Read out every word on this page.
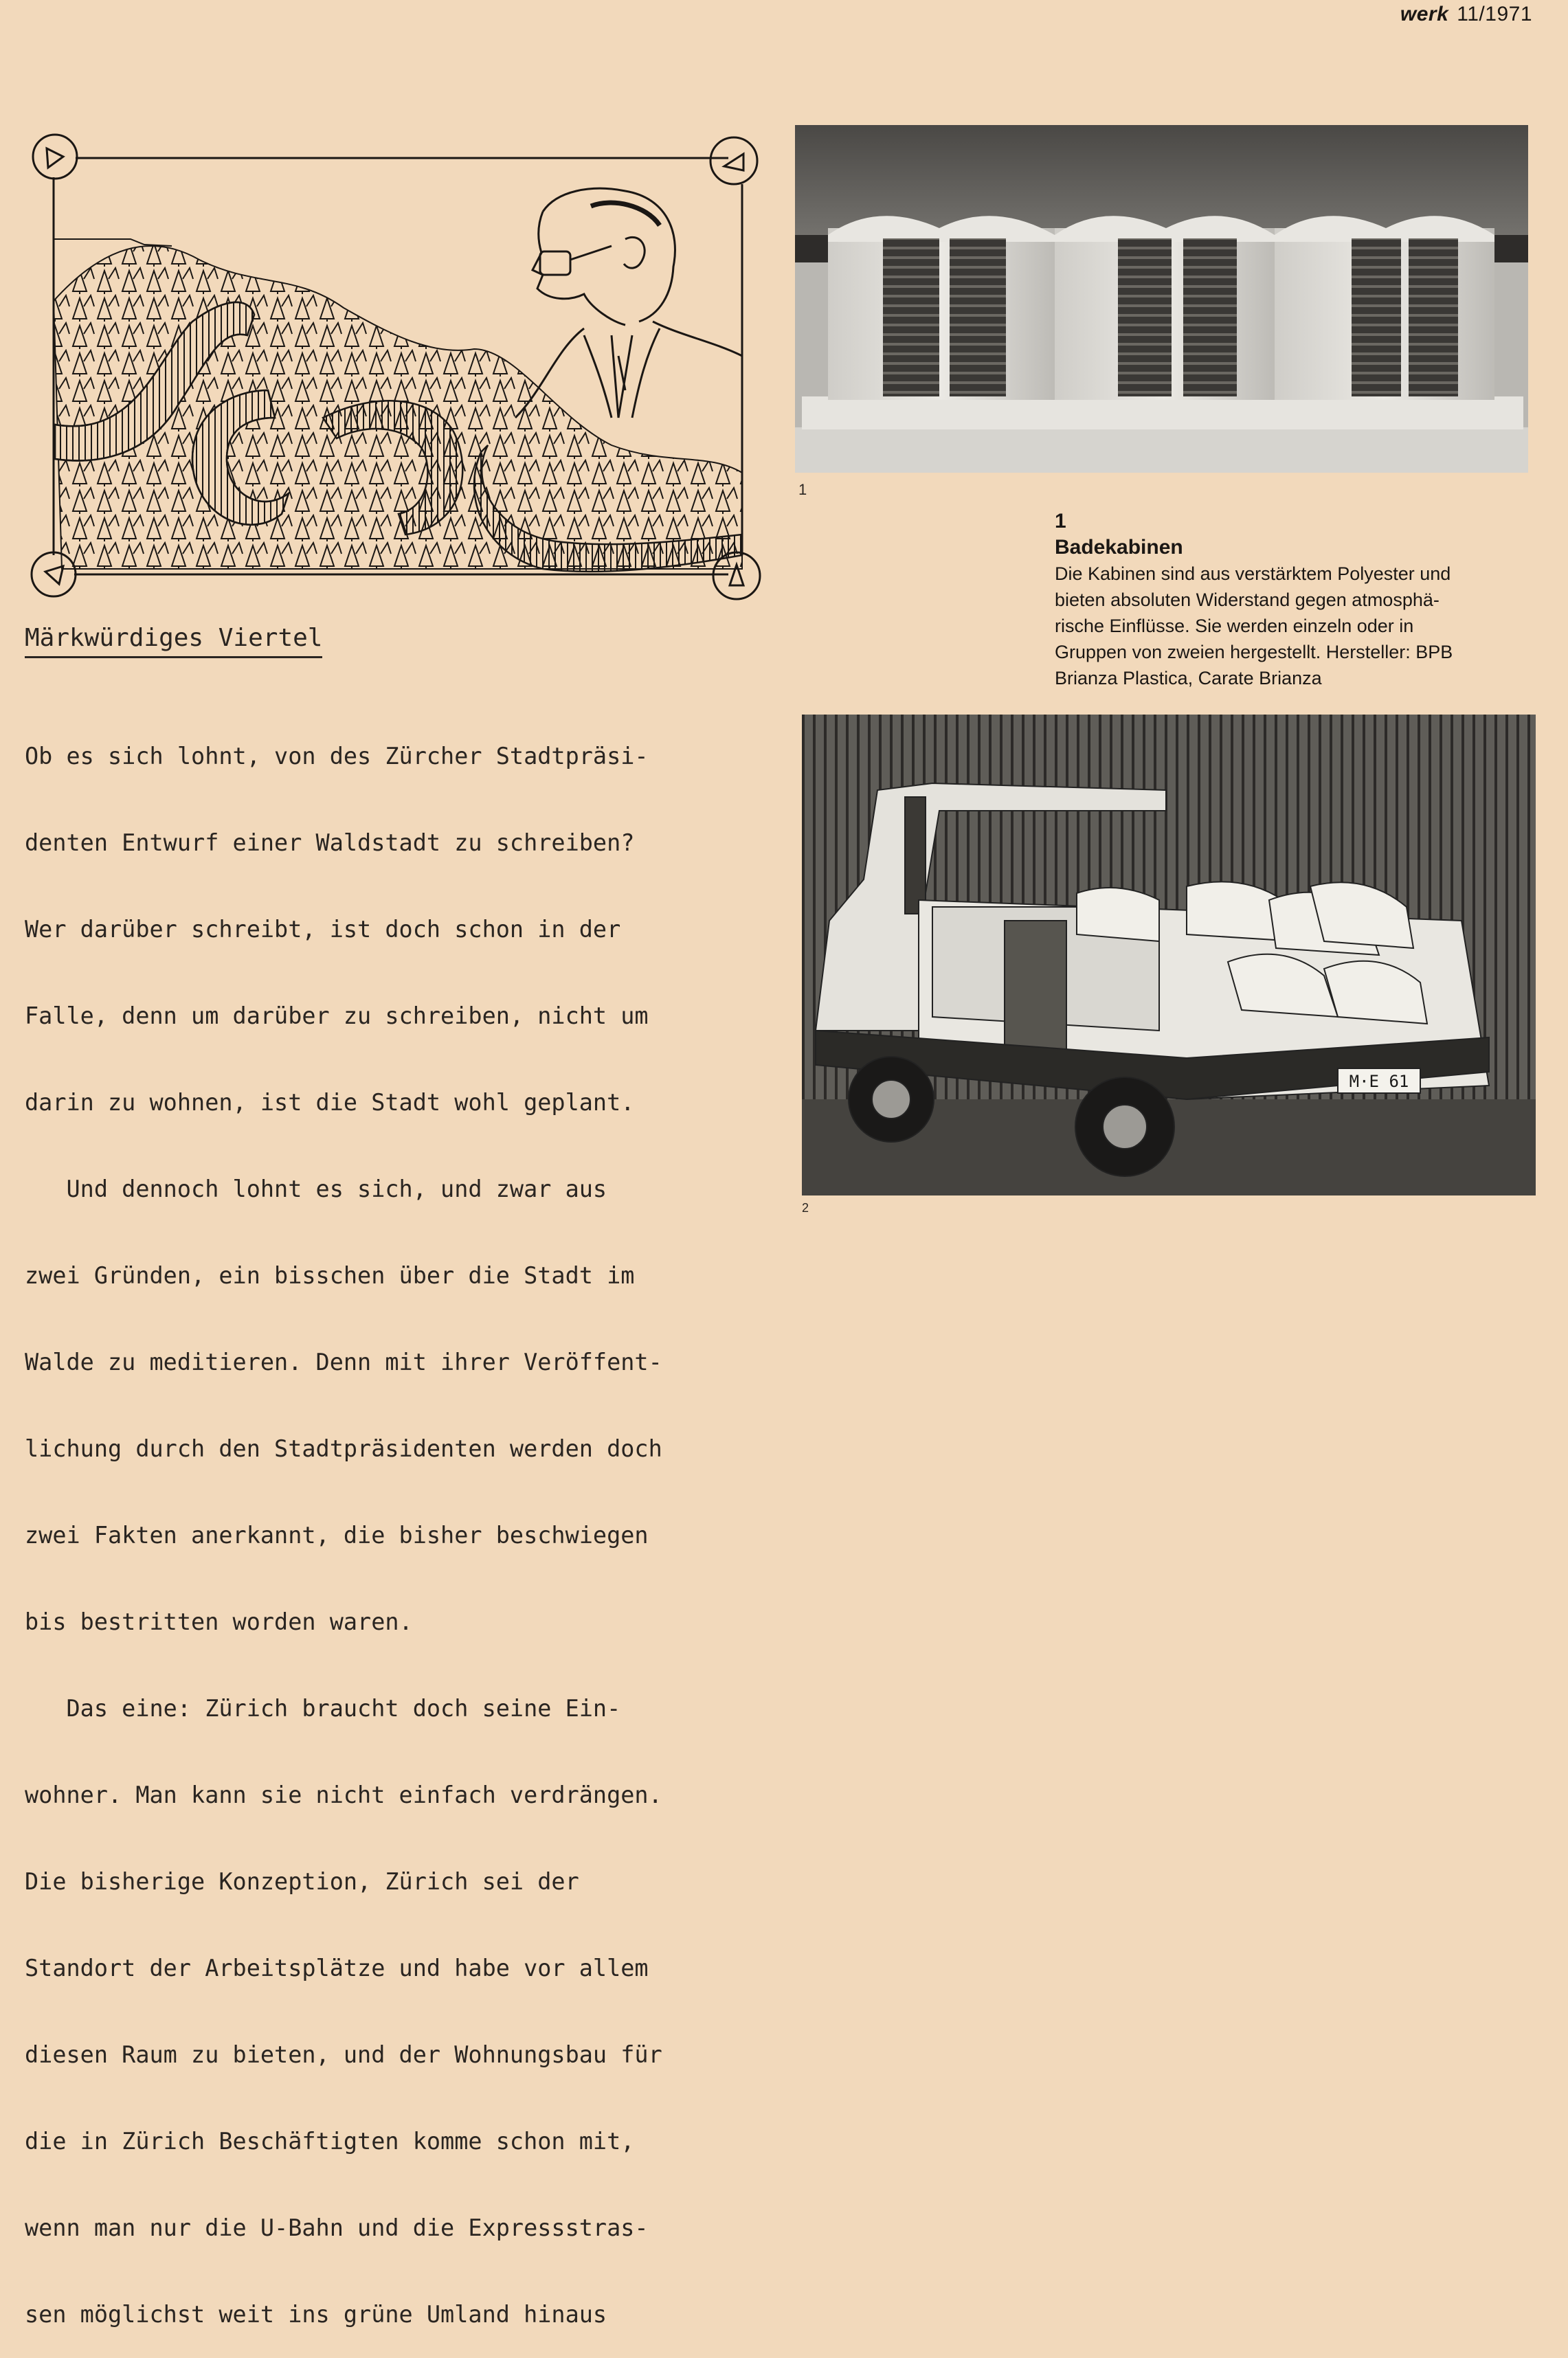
werk 11/1971
Märkwürdiges Viertel

Ob es sich lohnt, von des Zürcher Stadtpräsi-

denten Entwurf einer Waldstadt zu schreiben?

Wer darüber schreibt, ist doch schon in der

Falle, denn um darüber zu schreiben, nicht um

darin zu wohnen, ist die Stadt wohl geplant.

Und dennoch lohnt es sich, und zwar aus

zwei Gründen, ein bisschen über die Stadt im

Walde zu meditieren. Denn mit ihrer Veröffent-

lichung durch den Stadtpräsidenten werden doch

zwei Fakten anerkannt, die bisher beschwiegen

bis bestritten worden waren.

Das eine: Zürich braucht doch seine Ein-

wohner. Man kann sie nicht einfach verdrängen.

Die bisherige Konzeption, Zürich sei der

Standort der Arbeitsplätze und habe vor allem

diesen Raum zu bieten, und der Wohnungsbau für

die in Zürich Beschäftigten komme schon mit,

wenn man nur die U-Bahn und die Expressstras-

sen möglichst weit ins grüne Umland hinaus

1
1
Badekabinen
Die Kabinen sind aus verstärktem Polyester und
bieten absoluten Widerstand gegen atmosphä-
rische Einflüsse. Sie werden einzeln oder in
Gruppen von zweien hergestellt. Hersteller: BPB
Brianza Plastica, Carate Brianza
M·E 61
2
